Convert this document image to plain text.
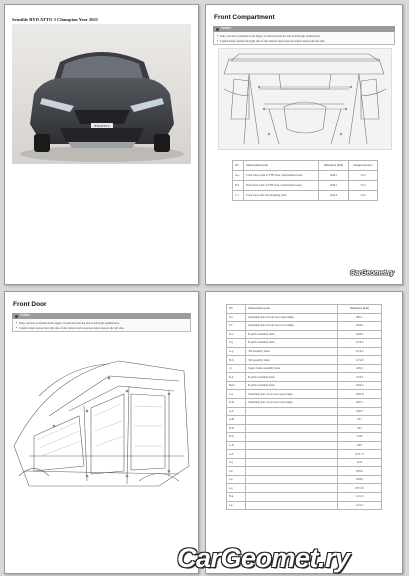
Sensible BYD ATTO 3 Champion Year 2021
BYD ATTO 3
Front Compartment
Notice

Only one size is marked in the figure, it indicates that the size is left-right symmetrical.

Capital letters denote the right side of the vehicle and lowercase letters denote the left side.

SN	Measurement point	Dimension (mm)	Design tolerance
A-a	Front fixed point of FTB front compartment beam	1046.1	±2.0
B-b	Rear fixed point of FTB front compartment beam	1046.1	±2.0
C-c	Front stack after the mounting point	1242.4	±2.0
CarGeomet.ry
Front Door
Notice

Only one size is marked in the figure, it indicates that the size is left-right symmetrical.

Capital letters denote the right side of the vehicle and lowercase letters denote the left side.

SN	Measurement point	Dimension (mm)
E-e	Mounting hole of front door upper hinge	895.1
F-f	Mounting hole of front door lower hinge	1046.1
D-e	B-pillar assembly mark	1366.7
F-g	B-pillar assembly mark	1278.9
G-g	Sill assembly mark	1274.6
H-h	Sill assembly mark	1174.8
J-j	Upper frame assembly mark	1282.1
K-k	B-pillar assembly mark	1156.3
M-m	B-pillar assembly mark	1264.9
L-n	Mounting hole of rear door upper hinge	1092.8
N-m	Mounting hole of rear door lower hinge	1087.1
A-E		1383.7
A-H		831
B-D		845
B-G		1230
C-D		2007
A-F		1071.77
A-j		1102
a-h		839.8
a-b		1008.1
a-g		837.56
B-k		1211.4
a-k		1212.2
CarGeomet.ry
